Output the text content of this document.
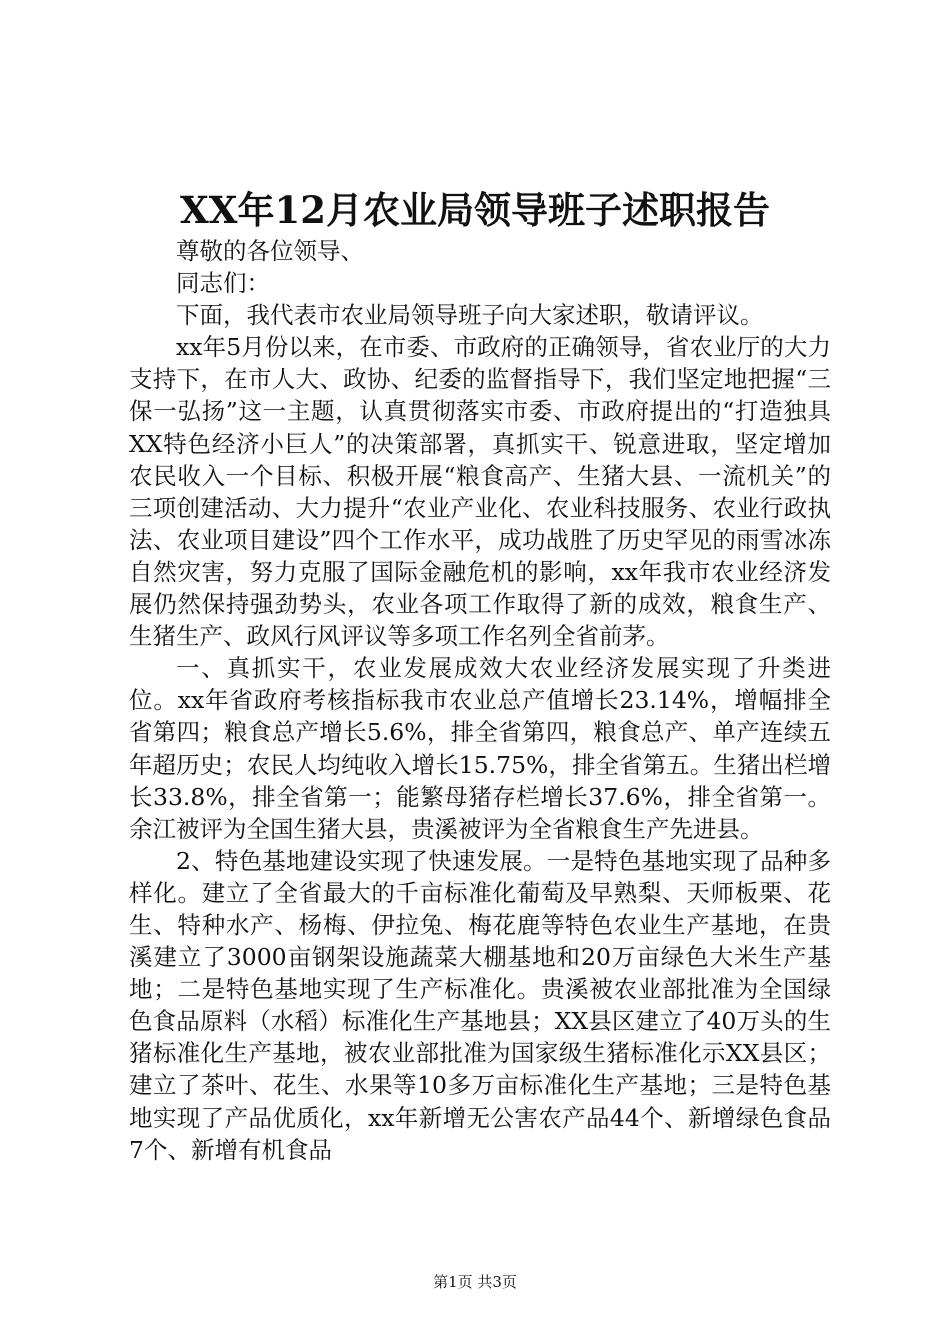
XX年12月农业局领导班子述职报告

尊敬的各位领导、

同志们：

下面，我代表市农业局领导班子向大家述职，敬请评议。

xx年5月份以来，在市委、市政府的正确领导，省农业厅的大力支持下，在市人大、政协、纪委的监督指导下，我们坚定地把握“三保一弘扬”这一主题，认真贯彻落实市委、市政府提出的“打造独具XX特色经济小巨人”的决策部署，真抓实干、锐意进取，坚定增加农民收入一个目标、积极开展“粮食高产、生猪大县、一流机关”的三项创建活动、大力提升“农业产业化、农业科技服务、农业行政执法、农业项目建设”四个工作水平，成功战胜了历史罕见的雨雪冰冻自然灾害，努力克服了国际金融危机的影响，xx年我市农业经济发展仍然保持强劲势头，农业各项工作取得了新的成效，粮食生产、生猪生产、政风行风评议等多项工作名列全省前茅。

一、真抓实干，农业发展成效大农业经济发展实现了升类进位。xx年省政府考核指标我市农业总产值增长23.14%，增幅排全省第四；粮食总产增长5.6%，排全省第四，粮食总产、单产连续五年超历史；农民人均纯收入增长15.75%，排全省第五。生猪出栏增长33.8%，排全省第一；能繁母猪存栏增长37.6%，排全省第一。余江被评为全国生猪大县，贵溪被评为全省粮食生产先进县。

2、特色基地建设实现了快速发展。一是特色基地实现了品种多样化。建立了全省最大的千亩标准化葡萄及早熟梨、天师板栗、花生、特种水产、杨梅、伊拉兔、梅花鹿等特色农业生产基地，在贵溪建立了3000亩钢架设施蔬菜大棚基地和20万亩绿色大米生产基地；二是特色基地实现了生产标准化。贵溪被农业部批准为全国绿色食品原料（水稻）标准化生产基地县；XX县区建立了40万头的生猪标准化生产基地，被农业部批准为国家级生猪标准化示XX县区；建立了茶叶、花生、水果等10多万亩标准化生产基地；三是特色基地实现了产品优质化，xx年新增无公害农产品44个、新增绿色食品7个、新增有机食品

第1页 共3页
